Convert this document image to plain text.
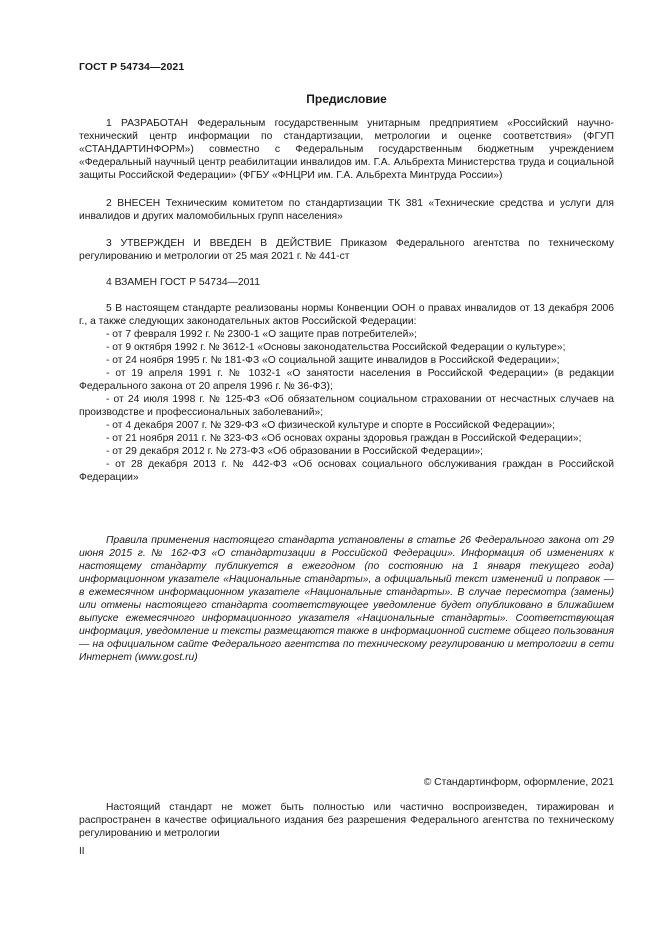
ГОСТ Р 54734—2021
Предисловие

1 РАЗРАБОТАН Федеральным государственным унитарным предприятием «Российский научно-технический центр информации по стандартизации, метрологии и оценке соответствия» (ФГУП «СТАНДАРТИНФОРМ») совместно с Федеральным государственным бюджетным учреждением «Федеральный научный центр реабилитации инвалидов им. Г.А. Альбрехта Министерства труда и социальной защиты Российской Федерации» (ФГБУ «ФНЦРИ им. Г.А. Альбрехта Минтруда России»)

2 ВНЕСЕН Техническим комитетом по стандартизации ТК 381 «Технические средства и услуги для инвалидов и других маломобильных групп населения»

3 УТВЕРЖДЕН И ВВЕДЕН В ДЕЙСТВИЕ Приказом Федерального агентства по техническому регулированию и метрологии от 25 мая 2021 г. № 441-ст

4 ВЗАМЕН ГОСТ Р 54734—2011

5 В настоящем стандарте реализованы нормы Конвенции ООН о правах инвалидов от 13 декабря 2006 г., а также следующих законодательных актов Российской Федерации:

- от 7 февраля 1992 г. № 2300-1 «О защите прав потребителей»;
- от 9 октября 1992 г. № 3612-1 «Основы законодательства Российской Федерации о культуре»;
- от 24 ноября 1995 г. № 181-ФЗ «О социальной защите инвалидов в Российской Федерации»;
- от 19 апреля 1991 г. № 1032-1 «О занятости населения в Российской Федерации» (в редакции Федерального закона от 20 апреля 1996 г. № 36-ФЗ);
- от 24 июля 1998 г. № 125-ФЗ «Об обязательном социальном страховании от несчастных случаев на производстве и профессиональных заболеваний»;
- от 4 декабря 2007 г. № 329-ФЗ «О физической культуре и спорте в Российской Федерации»;
- от 21 ноября 2011 г. № 323-ФЗ «Об основах охраны здоровья граждан в Российской Федерации»;
- от 29 декабря 2012 г. № 273-ФЗ «Об образовании в Российской Федерации»;
- от 28 декабря 2013 г. № 442-ФЗ «Об основах социального обслуживания граждан в Российской Федерации»

Правила применения настоящего стандарта установлены в статье 26 Федерального закона от 29 июня 2015 г. № 162-ФЗ «О стандартизации в Российской Федерации». Информация об изменениях к настоящему стандарту публикуется в ежегодном (по состоянию на 1 января текущего года) информационном указателе «Национальные стандарты», а официальный текст изменений и поправок — в ежемесячном информационном указателе «Национальные стандарты». В случае пересмотра (замены) или отмены настоящего стандарта соответствующее уведомление будет опубликовано в ближайшем выпуске ежемесячного информационного указателя «Национальные стандарты». Соответствующая информация, уведомление и тексты размещаются также в информационной системе общего пользования — на официальном сайте Федерального агентства по техническому регулированию и метрологии в сети Интернет (www.gost.ru)

© Стандартинформ, оформление, 2021

Настоящий стандарт не может быть полностью или частично воспроизведен, тиражирован и распространен в качестве официального издания без разрешения Федерального агентства по техническому регулированию и метрологии

II
